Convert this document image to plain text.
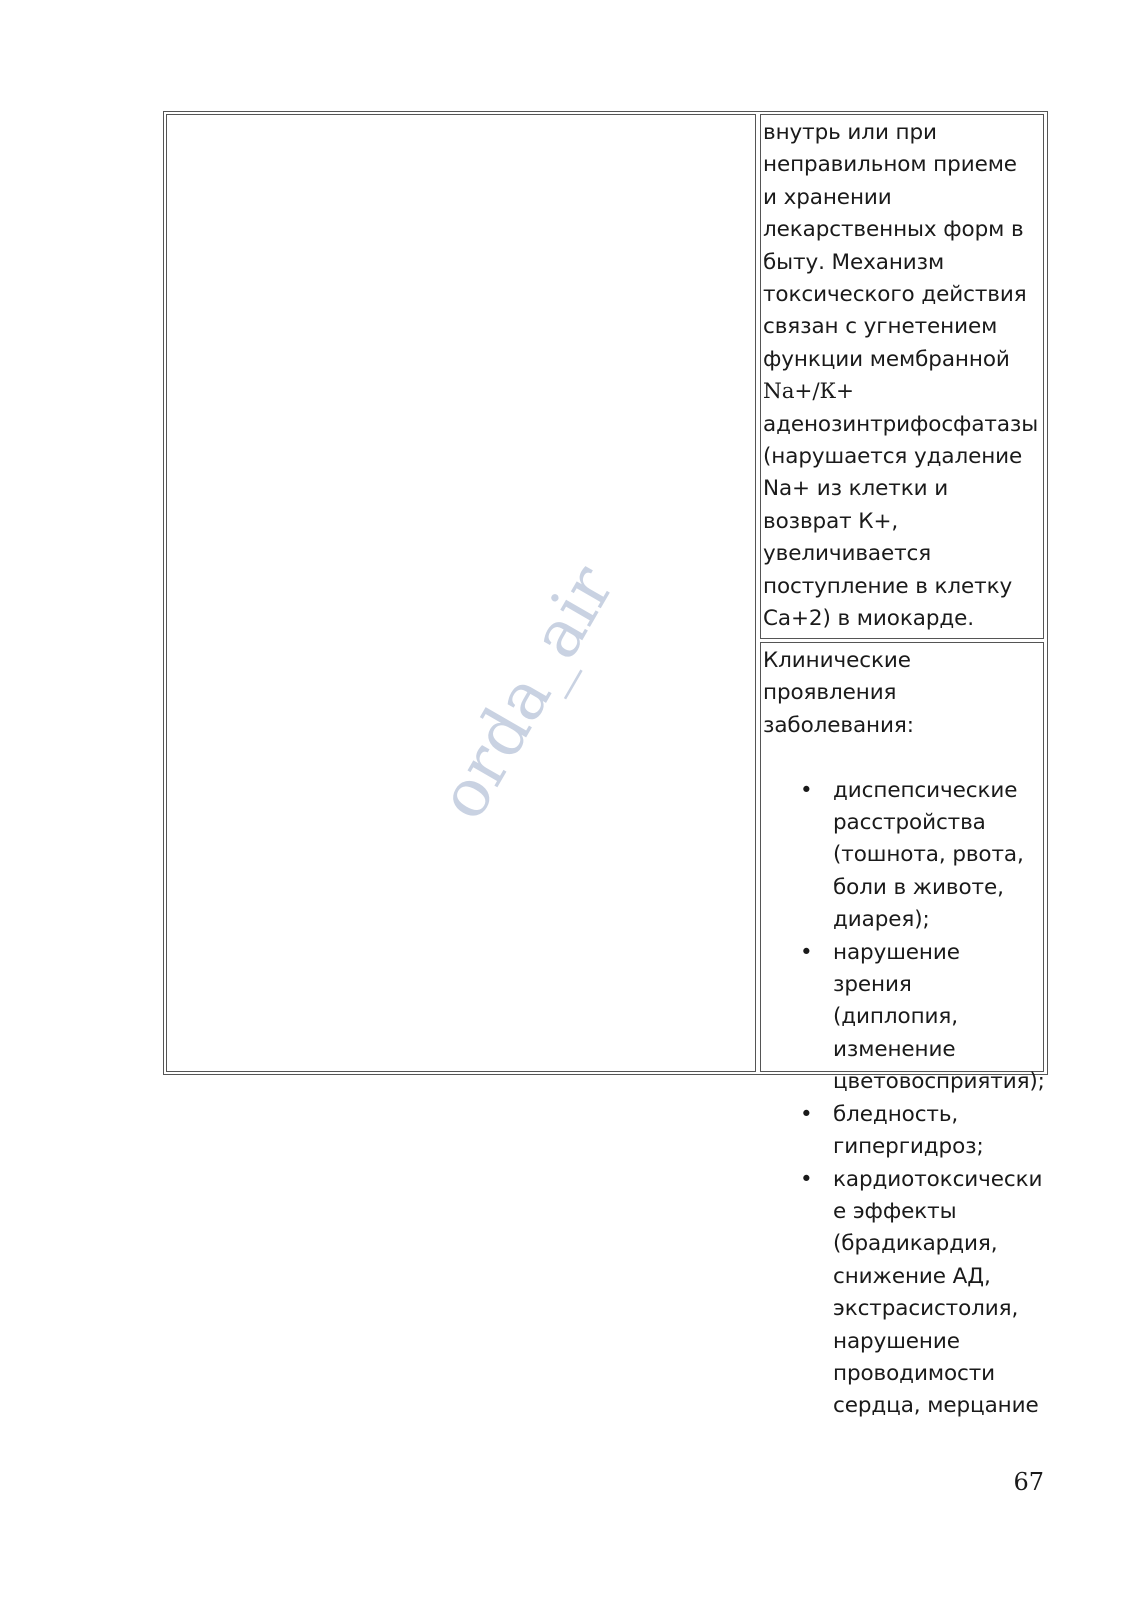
внутрь или при
неправильном приеме
и хранении
лекарственных форм в
быту. Механизм
токсического действия
связан с угнетением
функции мембранной
Na+/К+
аденозинтрифосфатазы
(нарушается удаление
Na+ из клетки и
возврат К+,
увеличивается
поступление в клетку
Са+2) в миокарде.

Клинические
проявления
заболевания:

• диспепсические
расстройства
(тошнота, рвота,
боли в животе,
диарея);
• нарушение
зрения
(диплопия,
изменение
цветовосприятия);
• бледность,
гипергидроз;
• кардиотоксически
е эффекты
(брадикардия,
снижение АД,
экстрасистолия,
нарушение
проводимости
сердца, мерцание
orda_air
67
